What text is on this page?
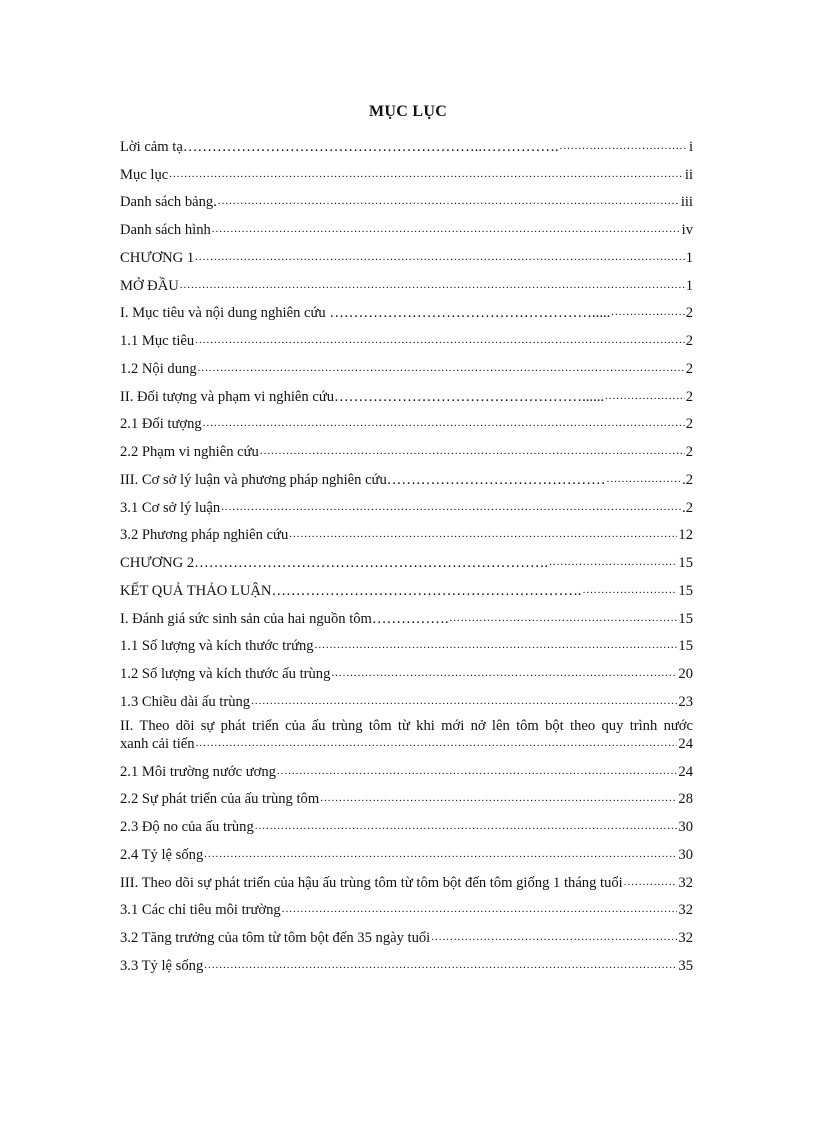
MỤC LỤC
Lời cảm tạ……………………………………………………..……………. .....	i
Mục lục .....	ii
Danh sách bảng. .....	iii
Danh sách hình .....	iv
CHƯƠNG 1 .....	1
MỞ ĐẦU .....	1
I. Mục tiêu và nội dung nghiên cứu ………………………………………………..... .....	2
1.1 Mục tiêu .....	2
1.2 Nội dung .....	2
II. Đối tượng và phạm vi nghiên cứu……………………………………………...... .....	2
2.1 Đối tượng .....	2
2.2 Phạm vi nghiên cứu .....	2
III. Cơ sở lý luận và phương pháp nghiên cứu……………………………………… .....	.2
3.1 Cơ sở lý luận .....	.2
3.2 Phương pháp nghiên cứu .....	12
CHƯƠNG 2………………………………………………………………. .....	15
KẾT QUẢ THẢO LUẬN………………………………………………………. .....	15
I. Đánh giá sức sinh sản của hai nguồn tôm……………. .....	15
1.1 Số lượng và kích thước trứng .....	15
1.2 Số lượng và kích thước ấu trùng .....	20
1.3 Chiều dài ấu trùng .....	23
II. Theo dõi sự phát triển của ấu trùng tôm từ khi mới nở lên tôm bột theo quy trình nước
xanh cải tiến .....	24
2.1 Môi trường nước ương .....	24
2.2 Sự phát triển của ấu trùng tôm .....	28
2.3 Độ no của ấu trùng .....	30
2.4 Tỷ lệ sống .....	30
III. Theo dõi sự phát triển của hậu ấu trùng tôm từ tôm bột đến tôm giống 1 tháng tuổi .....	32
3.1 Các chỉ tiêu môi trường .....	32
3.2 Tăng trưởng của tôm từ tôm bột đến 35 ngày tuổi .....	32
3.3 Tỷ lệ sống .....	35
